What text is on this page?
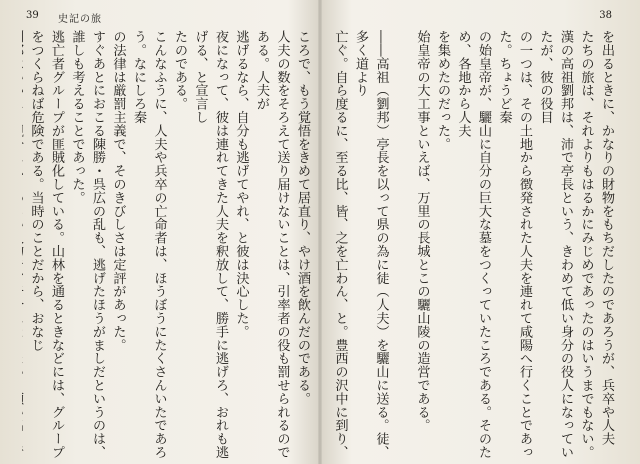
39 史記の旅	38

ころで、もう覚悟をきめて居直り、やけ酒を飲んだのである。

人夫の数をそろえて送り届けないことは、引率者の役も罰せられるのである。人夫が

逃げるなら、自分も逃げてやれ、と彼は決心した。

夜になって、彼は連れてきた人夫を釈放して、勝手に逃げろ、おれも逃げる、と宣言し

たのである。

こんなふうに、人夫や兵卒の亡命者は、ほうぼうにたくさんいたであろう。なにしろ秦

の法律は厳罰主義で、そのきびしさは定評があった。

すぐあとにおこる陳勝・呉広の乱も、逃げたほうがましだというのは、誰しも考えることであった。

逃亡者グループが匪賊化している。山林を通るときなどには、グループをつくらねば危険である。当時のことだから、おなじ	を出るときに、かなりの財物をもちだしたのであろうが、兵卒や人夫

たちの旅は、それよりもはるかにみじめであったのはいうまでもない。

漢の高祖劉邦は、沛で亭長という、きわめて低い身分の役人になっていたが、彼の役目

の一つは、その土地から徴発された人夫を連れて咸陽へ行くことであった。ちょうど秦

の始皇帝が、驪山に自分の巨大な墓をつくっていたころである。そのため、各地から人夫

を集めたのだった。

始皇帝の大工事といえば、万里の長城とこの驪山陵の造営である。

――高祖（劉邦）亭長を以って県の為に徒（人夫）を驪山に送る。徒、多く道より

亡ぐ。自ら度るに、至る比、皆、之を亡わん、と。豊西の沢中に到り、
